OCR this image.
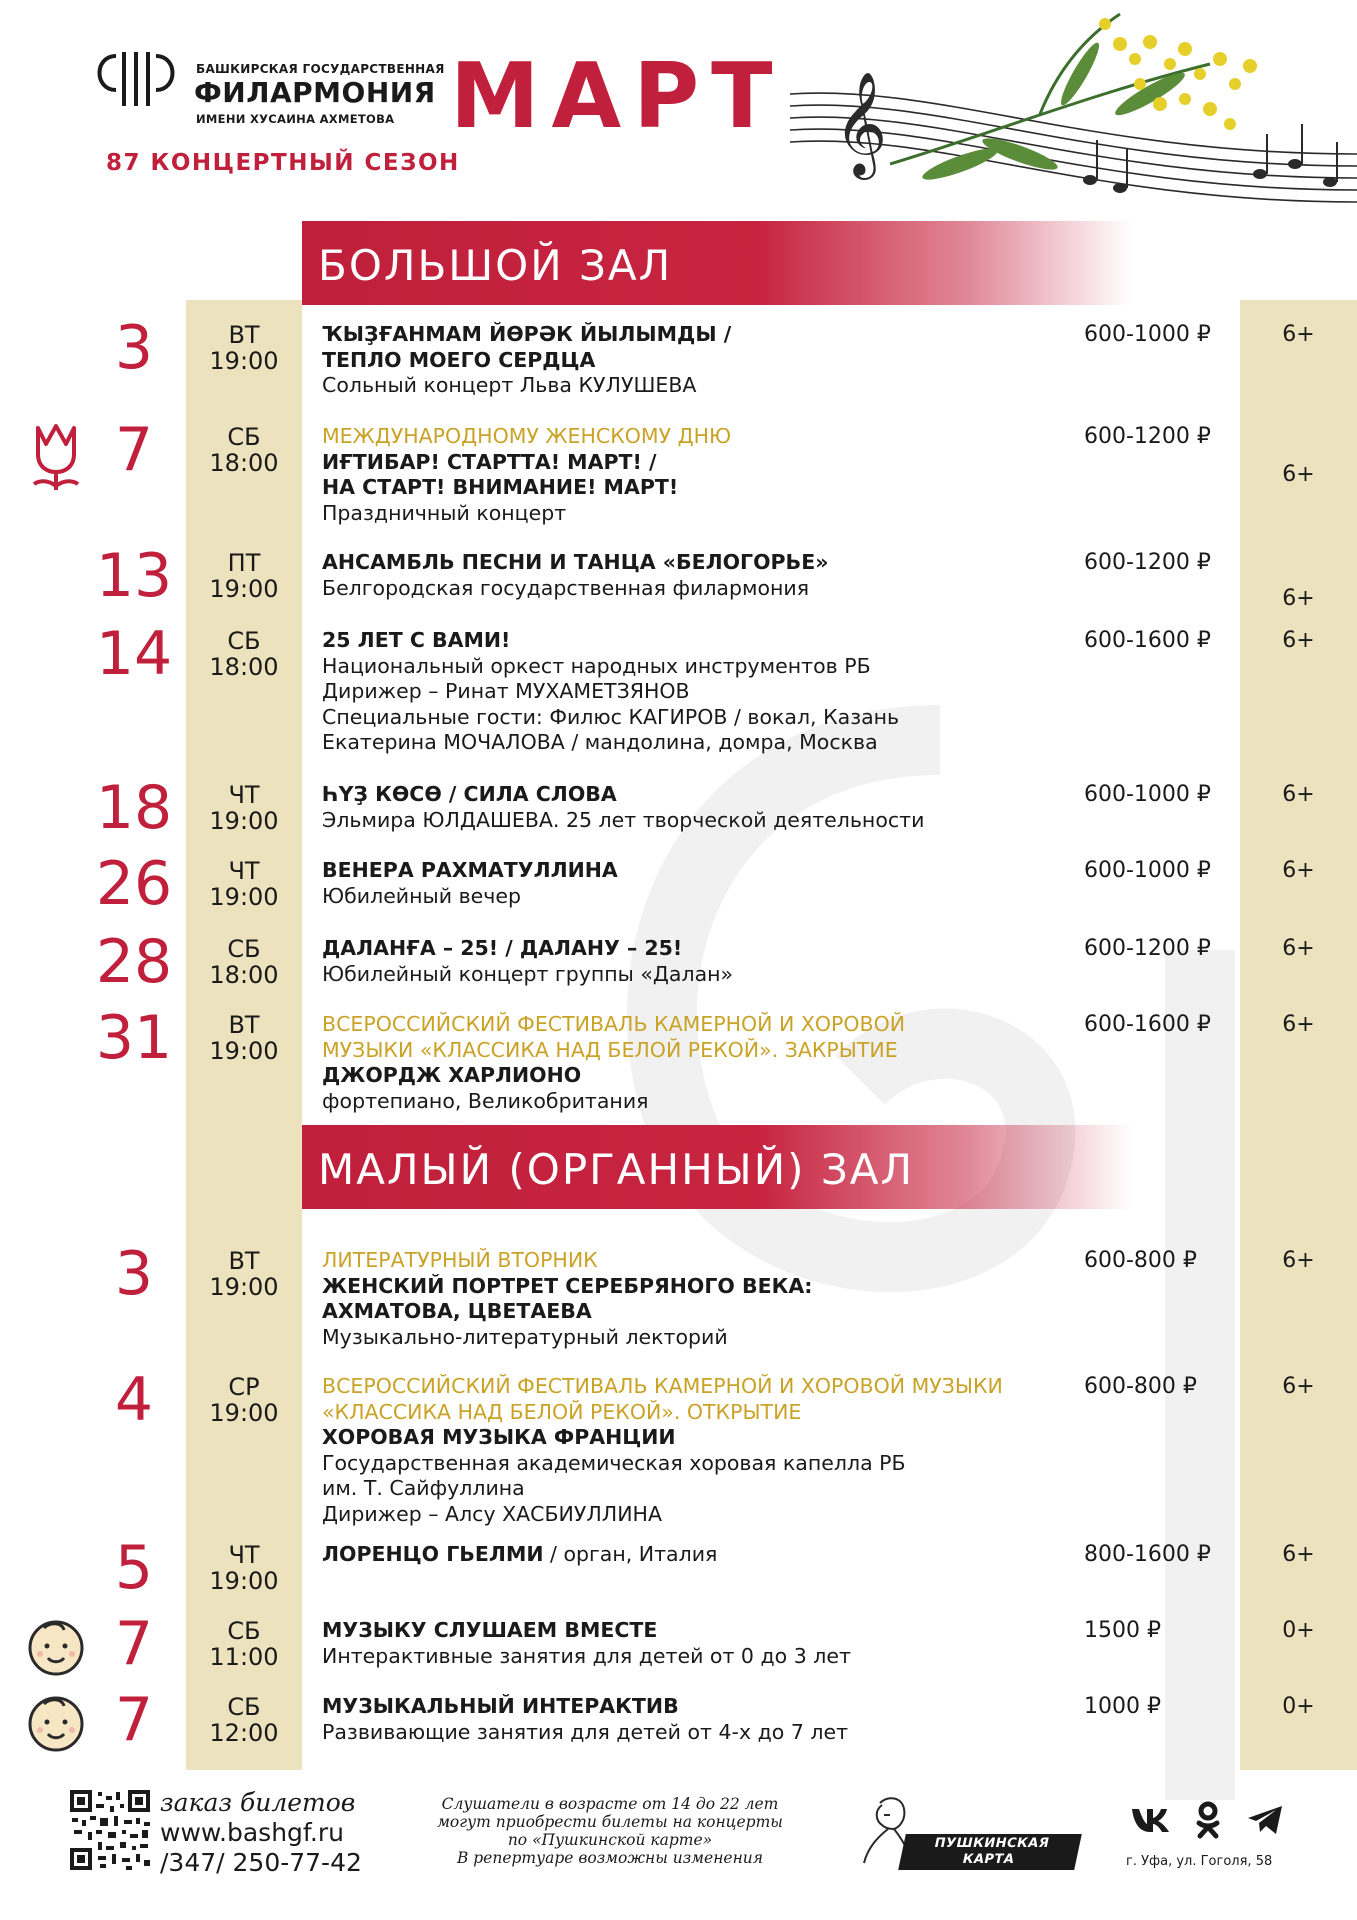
БАШКИРСКАЯ ГОСУДАРСТВЕННАЯ
ФИЛАРМОНИЯ
ИМЕНИ ХУСАИНА АХМЕТОВА
87 КОНЦЕРТНЫЙ СЕЗОН
МАРТ 𝄞
БОЛЬШОЙ ЗАЛ
3	ВТ
19:00
ҠЫҘҒАНМАМ ЙӨРӘК ЙЫЛЫМДЫ /
ТЕПЛО МОЕГО СЕРДЦА
Сольный концерт Льва КУЛУШЕВА
600-1000 ₽	6+
7	СБ
18:00
МЕЖДУНАРОДНОМУ ЖЕНСКОМУ ДНЮ
ИҒТИБАР! СТАРТТА! МАРТ! /
НА СТАРТ! ВНИМАНИЕ! МАРТ!
Праздничный концерт
600-1200 ₽
6+
13	ПТ
19:00
АНСАМБЛЬ ПЕСНИ И ТАНЦА «БЕЛОГОРЬЕ»
Белгородская государственная филармония
600-1200 ₽
6+
14	СБ
18:00
25 ЛЕТ С ВАМИ!
Национальный оркест народных инструментов РБ
Дирижер – Ринат МУХАМЕТЗЯНОВ
Специальные гости: Филюс КАГИРОВ / вокал, Казань
Екатерина МОЧАЛОВА / мандолина, домра, Москва
600-1600 ₽	6+
18	ЧТ
19:00
ҺҮҘ КӨСӨ / СИЛА СЛОВА
Эльмира ЮЛДАШЕВА. 25 лет творческой деятельности
600-1000 ₽	6+
26	ЧТ
19:00
ВЕНЕРА РАХМАТУЛЛИНА
Юбилейный вечер
600-1000 ₽	6+
28	СБ
18:00
ДАЛАНҒА – 25! / ДАЛАНУ – 25!
Юбилейный концерт группы «Далан»
600-1200 ₽	6+
31	ВТ
19:00
ВСЕРОССИЙСКИЙ ФЕСТИВАЛЬ КАМЕРНОЙ И ХОРОВОЙ
МУЗЫКИ «КЛАССИКА НАД БЕЛОЙ РЕКОЙ». ЗАКРЫТИЕ
ДЖОРДЖ ХАРЛИОНО
фортепиано, Великобритания
600-1600 ₽	6+
МАЛЫЙ (ОРГАННЫЙ) ЗАЛ
3	ВТ
19:00
ЛИТЕРАТУРНЫЙ ВТОРНИК
ЖЕНСКИЙ ПОРТРЕТ СЕРЕБРЯНОГО ВЕКА:
АХМАТОВА, ЦВЕТАЕВА
Музыкально-литературный лекторий
600-800 ₽	6+
4	СР
19:00
ВСЕРОССИЙСКИЙ ФЕСТИВАЛЬ КАМЕРНОЙ И ХОРОВОЙ МУЗЫКИ
«КЛАССИКА НАД БЕЛОЙ РЕКОЙ». ОТКРЫТИЕ
ХОРОВАЯ МУЗЫКА ФРАНЦИИ
Государственная академическая хоровая капелла РБ
им. Т. Сайфуллина
Дирижер – Алсу ХАСБИУЛЛИНА
600-800 ₽	6+
5	ЧТ
19:00
ЛОРЕНЦО ГЬЕЛМИ / орган, Италия	800-1600 ₽	6+
7	СБ
11:00
МУЗЫКУ СЛУШАЕМ ВМЕСТЕ
Интерактивные занятия для детей от 0 до 3 лет
1500 ₽	0+
7	СБ
12:00
МУЗЫКАЛЬНЫЙ ИНТЕРАКТИВ
Развивающие занятия для детей от 4-х до 7 лет
1000 ₽	0+
заказ билетов
www.bashgf.ru
/347/ 250-77-42
Слушатели в возрасте от 14 до 22 лет
могут приобрести билеты на концерты
по «Пушкинской карте»
В репертуаре возможны изменения
ПУШКИНСКАЯ
КАРТА	г. Уфа, ул. Гоголя, 58
